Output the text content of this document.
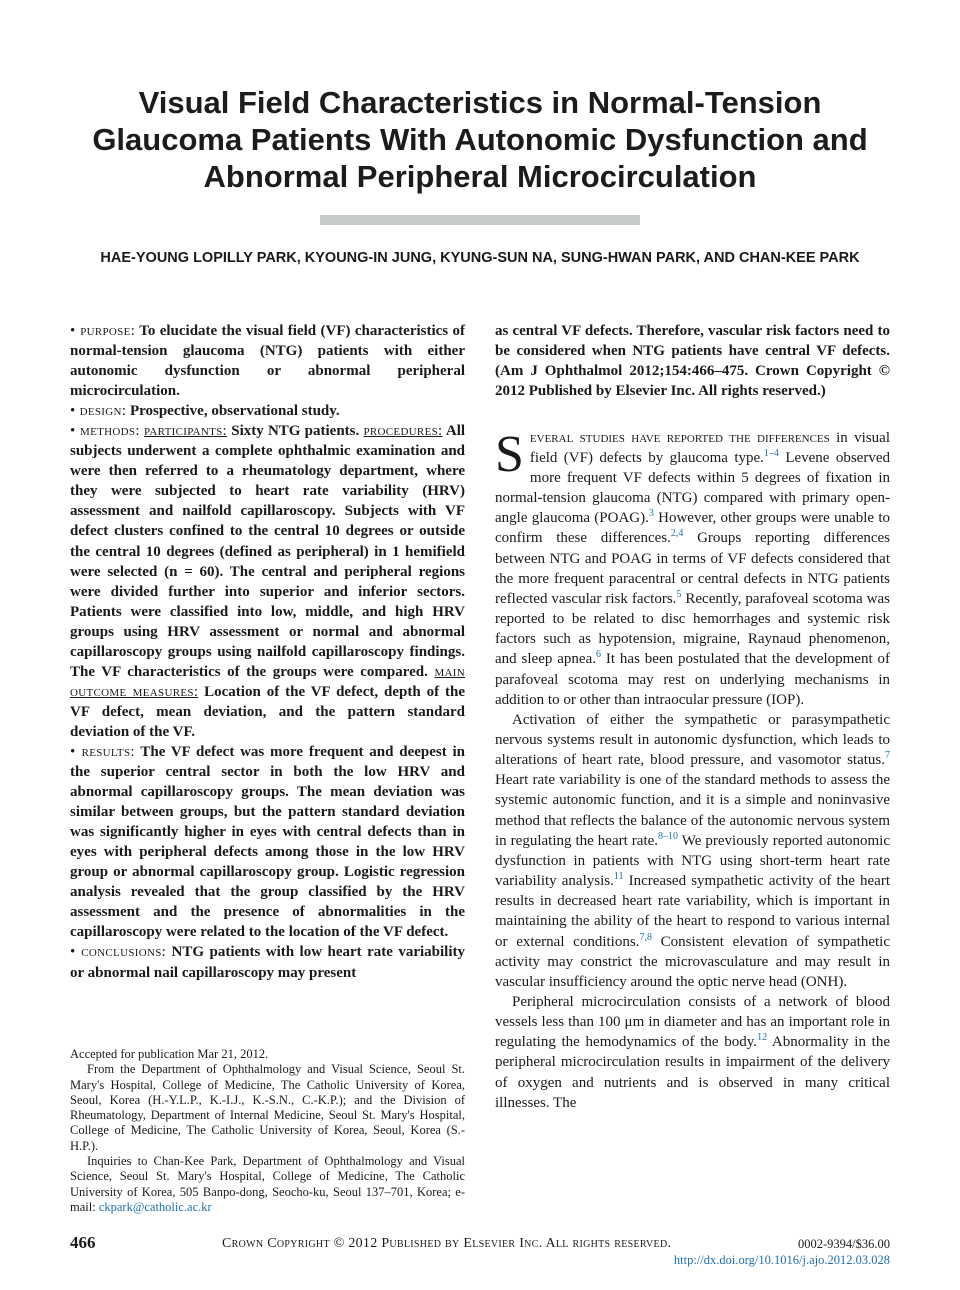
Visual Field Characteristics in Normal-Tension Glaucoma Patients With Autonomic Dysfunction and Abnormal Peripheral Microcirculation
HAE-YOUNG LOPILLY PARK, KYOUNG-IN JUNG, KYUNG-SUN NA, SUNG-HWAN PARK, AND CHAN-KEE PARK

• purpose: To elucidate the visual field (VF) characteristics of normal-tension glaucoma (NTG) patients with either autonomic dysfunction or abnormal peripheral microcirculation.

• design: Prospective, observational study.

• methods: participants: Sixty NTG patients. procedures: All subjects underwent a complete ophthalmic examination and were then referred to a rheumatology department, where they were subjected to heart rate variability (HRV) assessment and nailfold capillaroscopy. Subjects with VF defect clusters confined to the central 10 degrees or outside the central 10 degrees (defined as peripheral) in 1 hemifield were selected (n = 60). The central and peripheral regions were divided further into superior and inferior sectors. Patients were classified into low, middle, and high HRV groups using HRV assessment or normal and abnormal capillaroscopy groups using nailfold capillaroscopy findings. The VF characteristics of the groups were compared. main outcome measures: Location of the VF defect, depth of the VF defect, mean deviation, and the pattern standard deviation of the VF.

• results: The VF defect was more frequent and deepest in the superior central sector in both the low HRV and abnormal capillaroscopy groups. The mean deviation was similar between groups, but the pattern standard deviation was significantly higher in eyes with central defects than in eyes with peripheral defects among those in the low HRV group or abnormal capillaroscopy group. Logistic regression analysis revealed that the group classified by the HRV assessment and the presence of abnormalities in the capillaroscopy were related to the location of the VF defect.

• conclusions: NTG patients with low heart rate variability or abnormal nail capillaroscopy may present

Accepted for publication Mar 21, 2012.

From the Department of Ophthalmology and Visual Science, Seoul St. Mary's Hospital, College of Medicine, The Catholic University of Korea, Seoul, Korea (H.-Y.L.P., K.-I.J., K.-S.N., C.-K.P.); and the Division of Rheumatology, Department of Internal Medicine, Seoul St. Mary's Hospital, College of Medicine, The Catholic University of Korea, Seoul, Korea (S.-H.P.).

Inquiries to Chan-Kee Park, Department of Ophthalmology and Visual Science, Seoul St. Mary's Hospital, College of Medicine, The Catholic University of Korea, 505 Banpo-dong, Seocho-ku, Seoul 137–701, Korea; e-mail: ckpark@catholic.ac.kr

as central VF defects. Therefore, vascular risk factors need to be considered when NTG patients have central VF defects. (Am J Ophthalmol 2012;154:466–475. Crown Copyright © 2012 Published by Elsevier Inc. All rights reserved.)

Several studies have reported the differences in visual field (VF) defects by glaucoma type.$^{1-4}$ Levene observed more frequent VF defects within 5 degrees of fixation in normal-tension glaucoma (NTG) compared with primary open-angle glaucoma (POAG).$^3$ However, other groups were unable to confirm these differences.$^{2,4}$ Groups reporting differences between NTG and POAG in terms of VF defects considered that the more frequent paracentral or central defects in NTG patients reflected vascular risk factors.$^5$ Recently, parafoveal scotoma was reported to be related to disc hemorrhages and systemic risk factors such as hypotension, migraine, Raynaud phenomenon, and sleep apnea.$^6$ It has been postulated that the development of parafoveal scotoma may rest on underlying mechanisms in addition to or other than intraocular pressure (IOP).

Activation of either the sympathetic or parasympathetic nervous systems result in autonomic dysfunction, which leads to alterations of heart rate, blood pressure, and vasomotor status.$^7$ Heart rate variability is one of the standard methods to assess the systemic autonomic function, and it is a simple and noninvasive method that reflects the balance of the autonomic nervous system in regulating the heart rate.$^{8-10}$ We previously reported autonomic dysfunction in patients with NTG using short-term heart rate variability analysis.$^{11}$ Increased sympathetic activity of the heart results in decreased heart rate variability, which is important in maintaining the ability of the heart to respond to various internal or external conditions.$^{7,8}$ Consistent elevation of sympathetic activity may constrict the microvasculature and may result in vascular insufficiency around the optic nerve head (ONH).

Peripheral microcirculation consists of a network of blood vessels less than 100 μm in diameter and has an important role in regulating the hemodynamics of the body.$^{12}$ Abnormality in the peripheral microcirculation results in impairment of the delivery of oxygen and nutrients and is observed in many critical illnesses. The

466	Crown Copyright © 2012 Published by Elsevier Inc. All rights reserved.	0002-9394/$36.00
http://dx.doi.org/10.1016/j.ajo.2012.03.028
